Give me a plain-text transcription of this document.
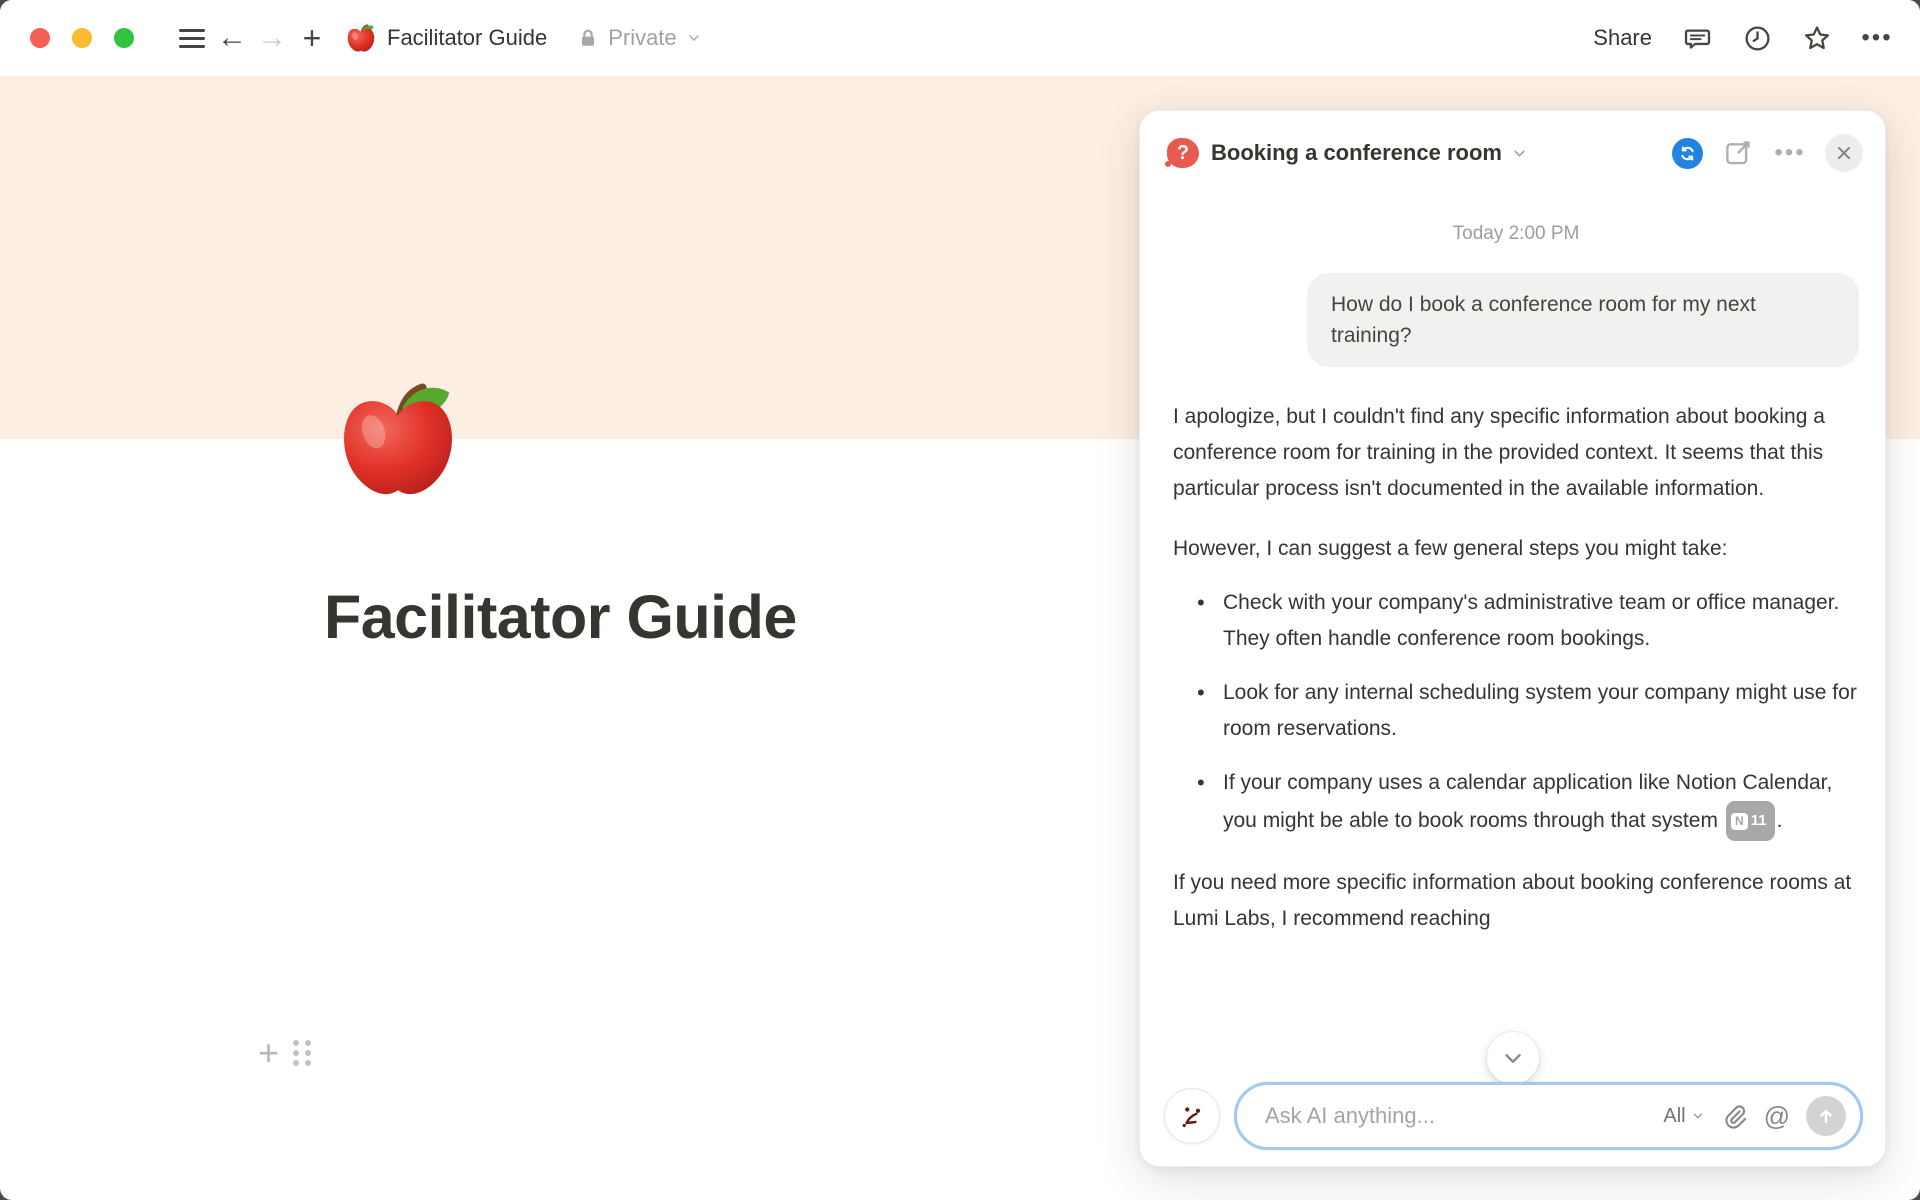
← → +	Facilitator Guide	Private	Share	•••
Facilitator Guide
+
? Booking a conference room	•••
Today 2:00 PM
How do I book a conference room for my next training?

I apologize, but I couldn't find any specific information about booking a conference room for training in the provided context. It seems that this particular process isn't documented in the available information.

However, I can suggest a few general steps you might take:

• Check with your company's administrative team or office manager. They often handle conference room bookings.
• Look for any internal scheduling system your company might use for room reservations.
• If your company uses a calendar application like Notion Calendar, you might be able to book rooms through that system N 11 .

If you need more specific information about booking conference rooms at Lumi Labs, I recommend reaching

Ask AI anything...
All	@
